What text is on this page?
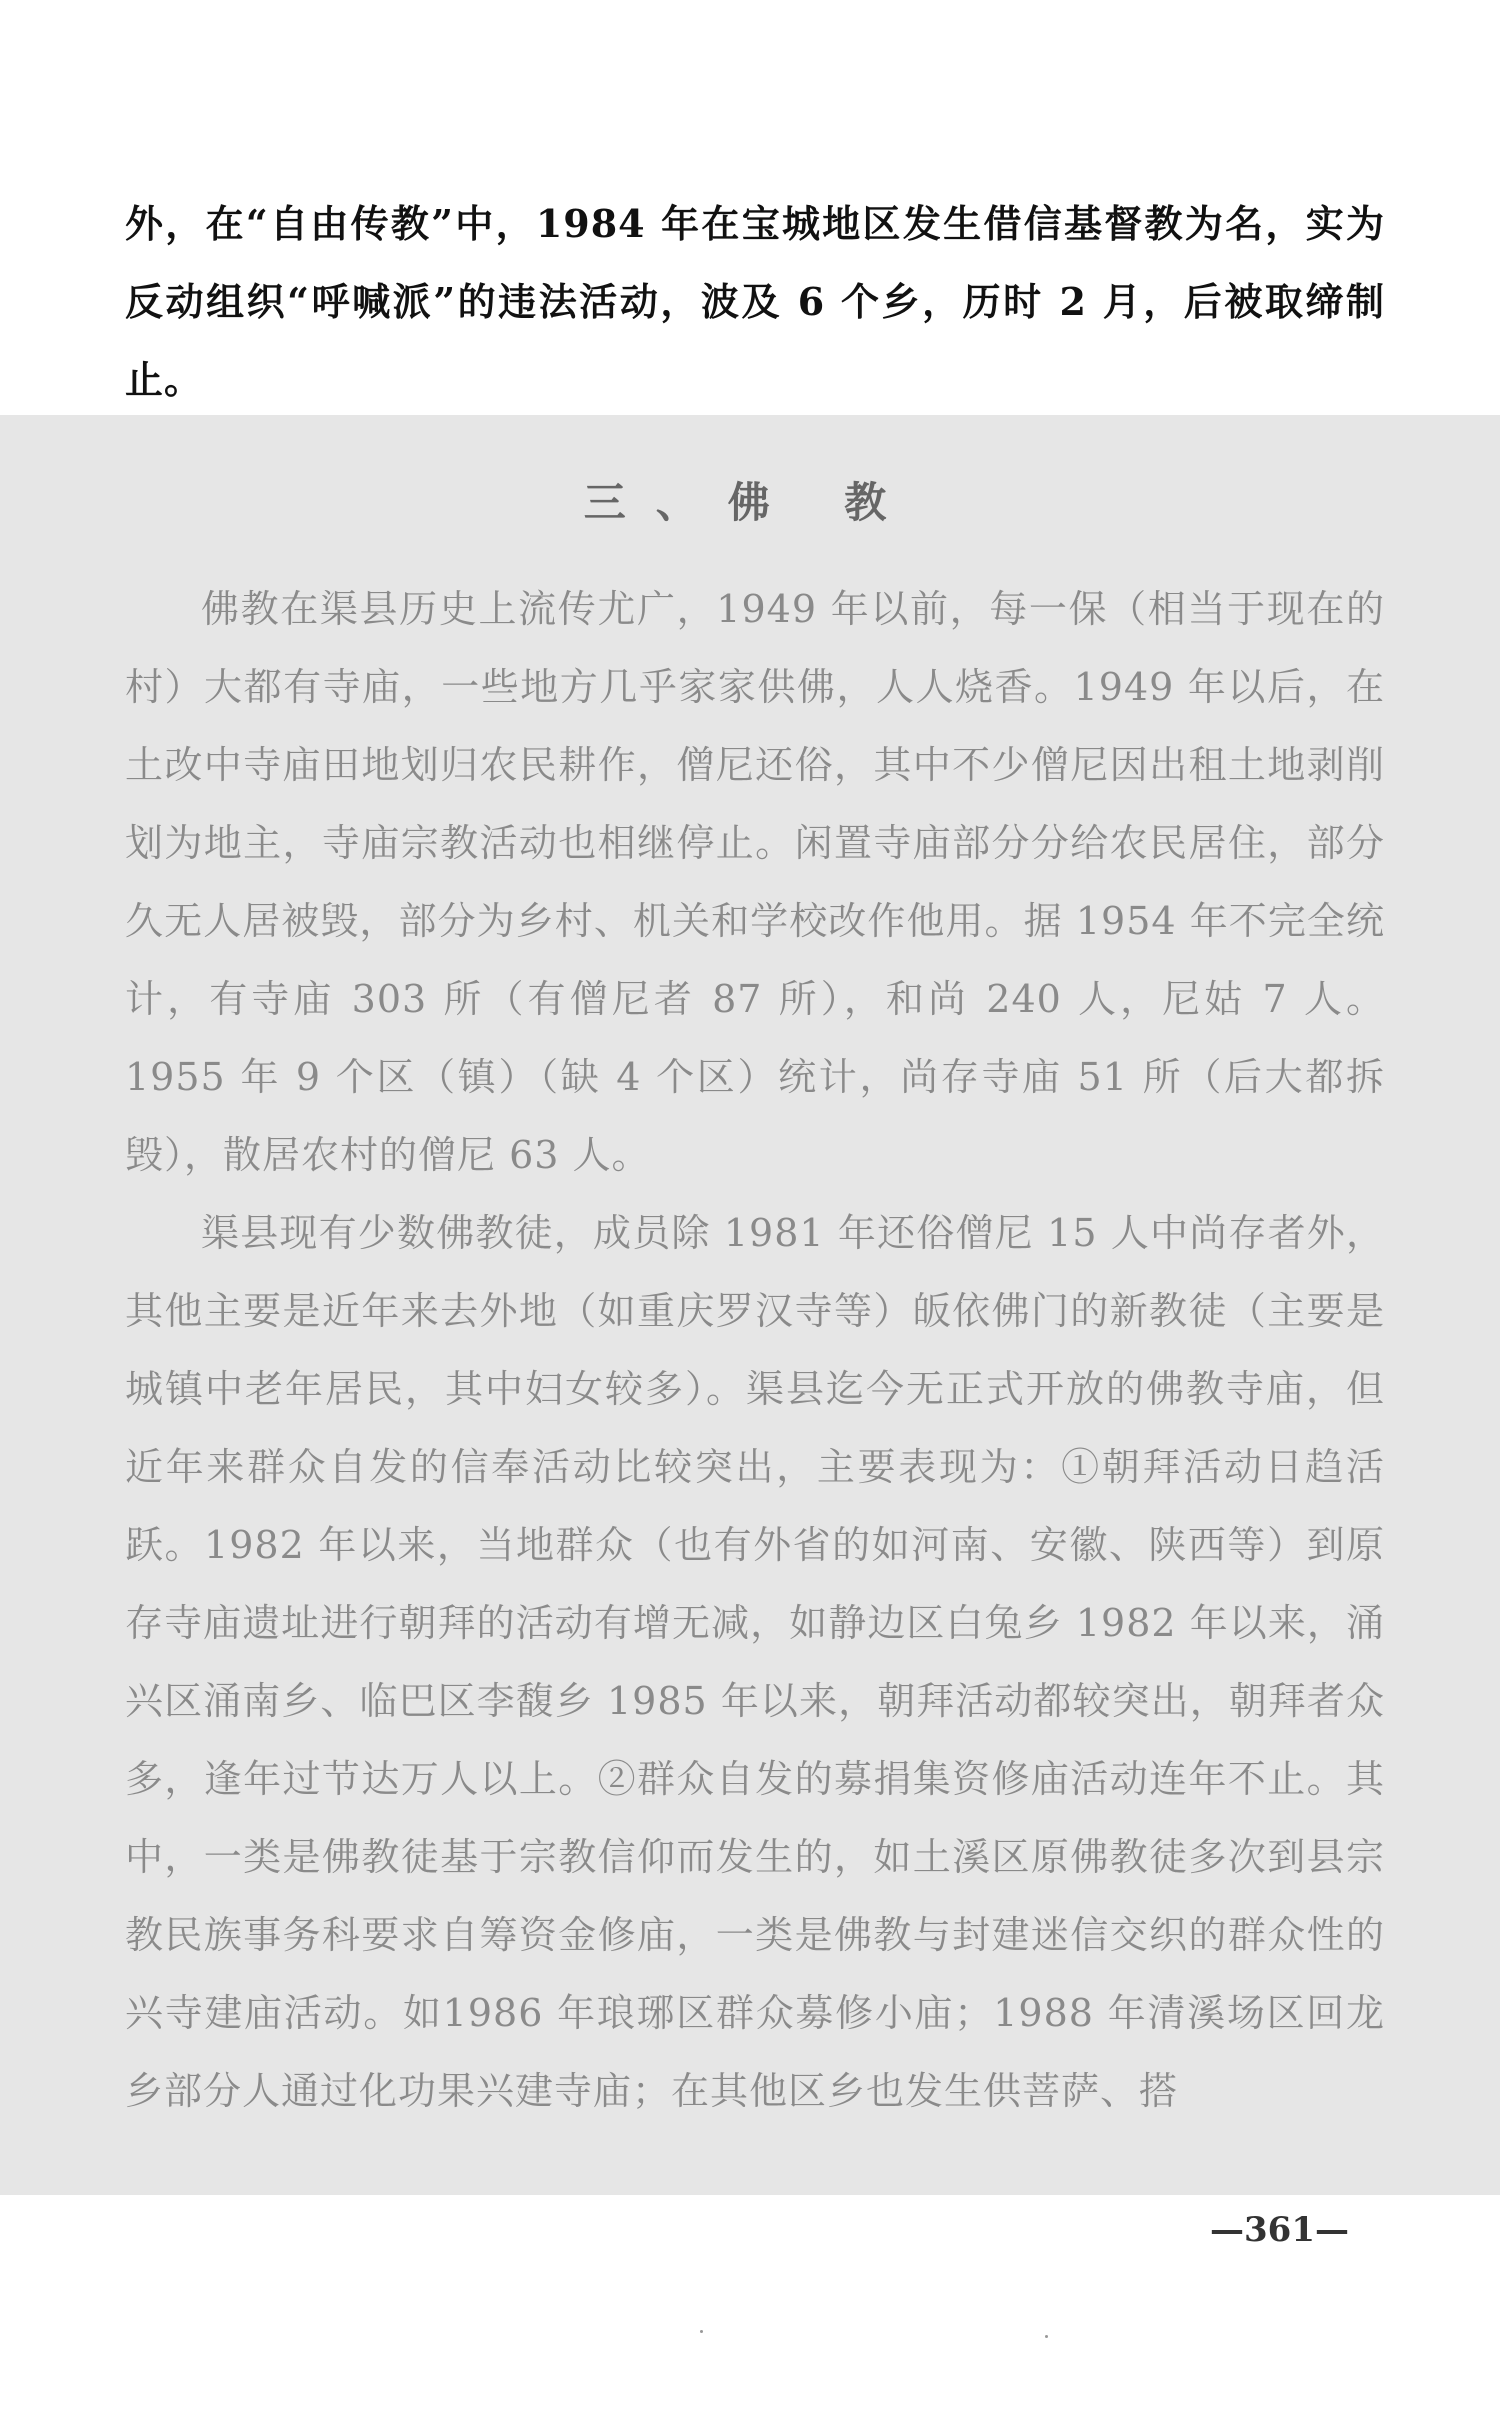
外，在“自由传教”中，1984 年在宝城地区发生借信基督教为名，实为反动组织“呼喊派”的违法活动，波及 6 个乡，历时 2 月，后被取缔制止。

三、佛 教

佛教在渠县历史上流传尤广，1949 年以前，每一保（相当于现在的村）大都有寺庙，一些地方几乎家家供佛，人人烧香。1949 年以后，在土改中寺庙田地划归农民耕作，僧尼还俗，其中不少僧尼因出租土地剥削划为地主，寺庙宗教活动也相继停止。闲置寺庙部分分给农民居住，部分久无人居被毁，部分为乡村、机关和学校改作他用。据 1954 年不完全统计，有寺庙 303 所（有僧尼者 87 所），和尚 240 人，尼姑 7 人。1955 年 9 个区（镇）（缺 4 个区）统计，尚存寺庙 51 所（后大都拆毁），散居农村的僧尼 63 人。

渠县现有少数佛教徒，成员除 1981 年还俗僧尼 15 人中尚存者外，其他主要是近年来去外地（如重庆罗汉寺等）皈依佛门的新教徒（主要是城镇中老年居民，其中妇女较多）。渠县迄今无正式开放的佛教寺庙，但近年来群众自发的信奉活动比较突出，主要表现为：①朝拜活动日趋活跃。1982 年以来，当地群众（也有外省的如河南、安徽、陕西等）到原存寺庙遗址进行朝拜的活动有增无减，如静边区白兔乡 1982 年以来，涌兴区涌南乡、临巴区李馥乡 1985 年以来，朝拜活动都较突出，朝拜者众多，逢年过节达万人以上。②群众自发的募捐集资修庙活动连年不止。其中，一类是佛教徒基于宗教信仰而发生的，如土溪区原佛教徒多次到县宗教民族事务科要求自筹资金修庙，一类是佛教与封建迷信交织的群众性的兴寺建庙活动。如1986 年琅琊区群众募修小庙；1988 年清溪场区回龙乡部分人通过化功果兴建寺庙；在其他区乡也发生供菩萨、搭

—361—
